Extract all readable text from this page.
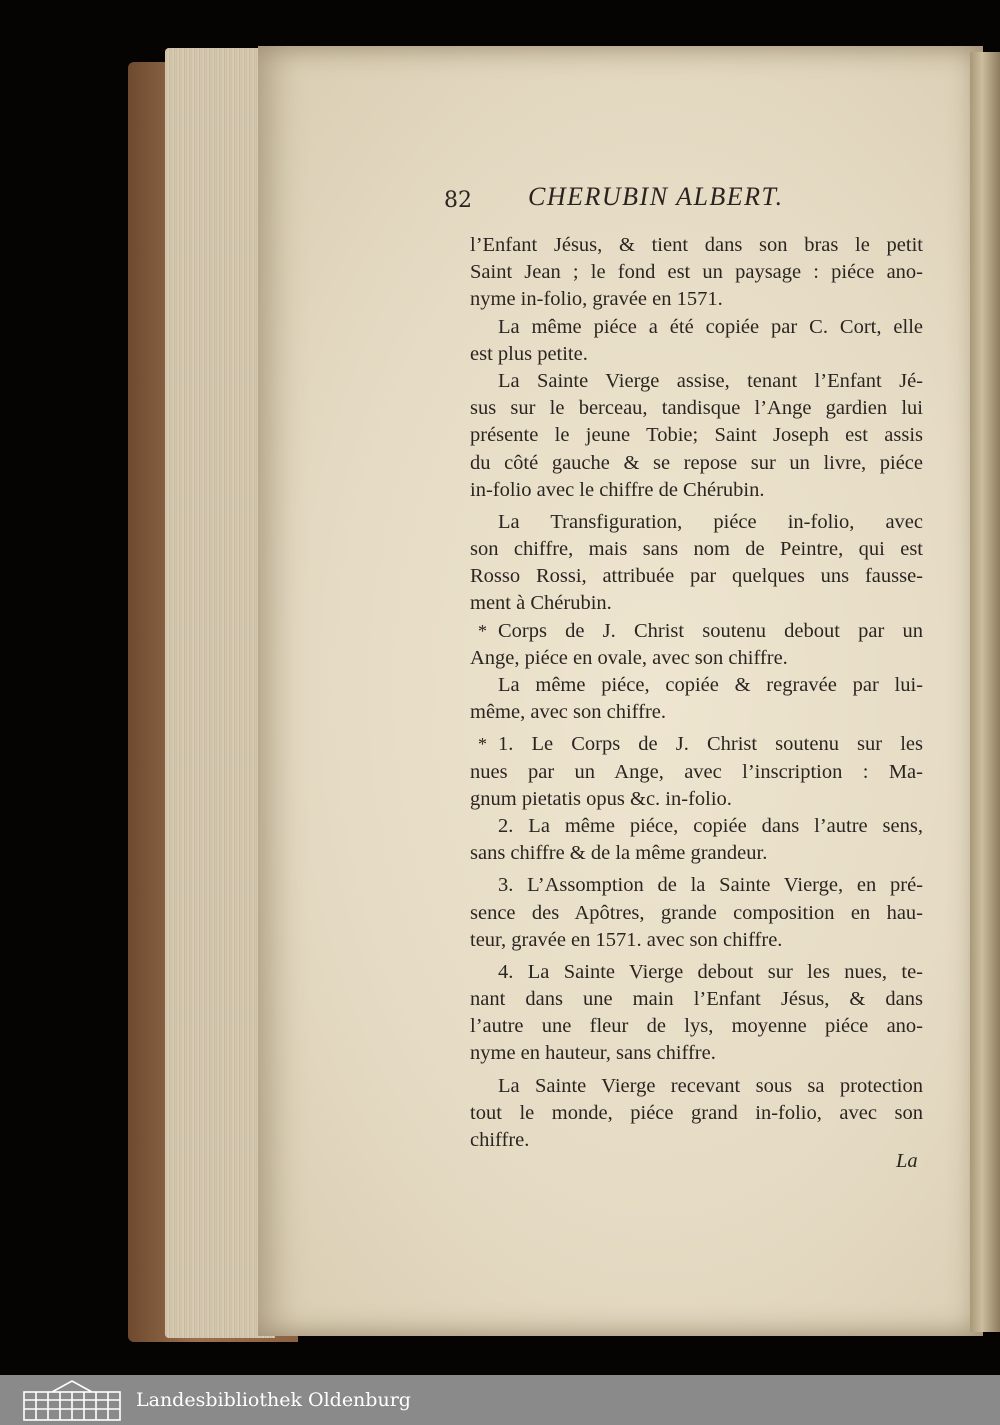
82 CHERUBIN ALBERT.
l’Enfant Jésus, & tient dans son bras le petit
Saint Jean ; le fond est un paysage : piéce ano-
nyme in-folio, gravée en 1571.
La même piéce a été copiée par C. Cort, elle
est plus petite.
La Sainte Vierge assise, tenant l’Enfant Jé-
sus sur le berceau, tandisque l’Ange gardien lui
présente le jeune Tobie; Saint Joseph est assis
du côté gauche & se repose sur un livre, piéce
in-folio avec le chiffre de Chérubin.
La Transfiguration, piéce in-folio, avec
son chiffre, mais sans nom de Peintre, qui est
Rosso Rossi, attribuée par quelques uns fausse-
ment à Chérubin.
* Corps de J. Christ soutenu debout par un
Ange, piéce en ovale, avec son chiffre.
La même piéce, copiée & regravée par lui-
même, avec son chiffre.
* 1. Le Corps de J. Christ soutenu sur les
nues par un Ange, avec l’inscription : Ma-
gnum pietatis opus &c. in-folio.
2. La même piéce, copiée dans l’autre sens,
sans chiffre & de la même grandeur.
3. L’Assomption de la Sainte Vierge, en pré-
sence des Apôtres, grande composition en hau-
teur, gravée en 1571. avec son chiffre.
4. La Sainte Vierge debout sur les nues, te-
nant dans une main l’Enfant Jésus, & dans
l’autre une fleur de lys, moyenne piéce ano-
nyme en hauteur, sans chiffre.
La Sainte Vierge recevant sous sa protection
tout le monde, piéce grand in-folio, avec son
chiffre.
La
Landesbibliothek Oldenburg
